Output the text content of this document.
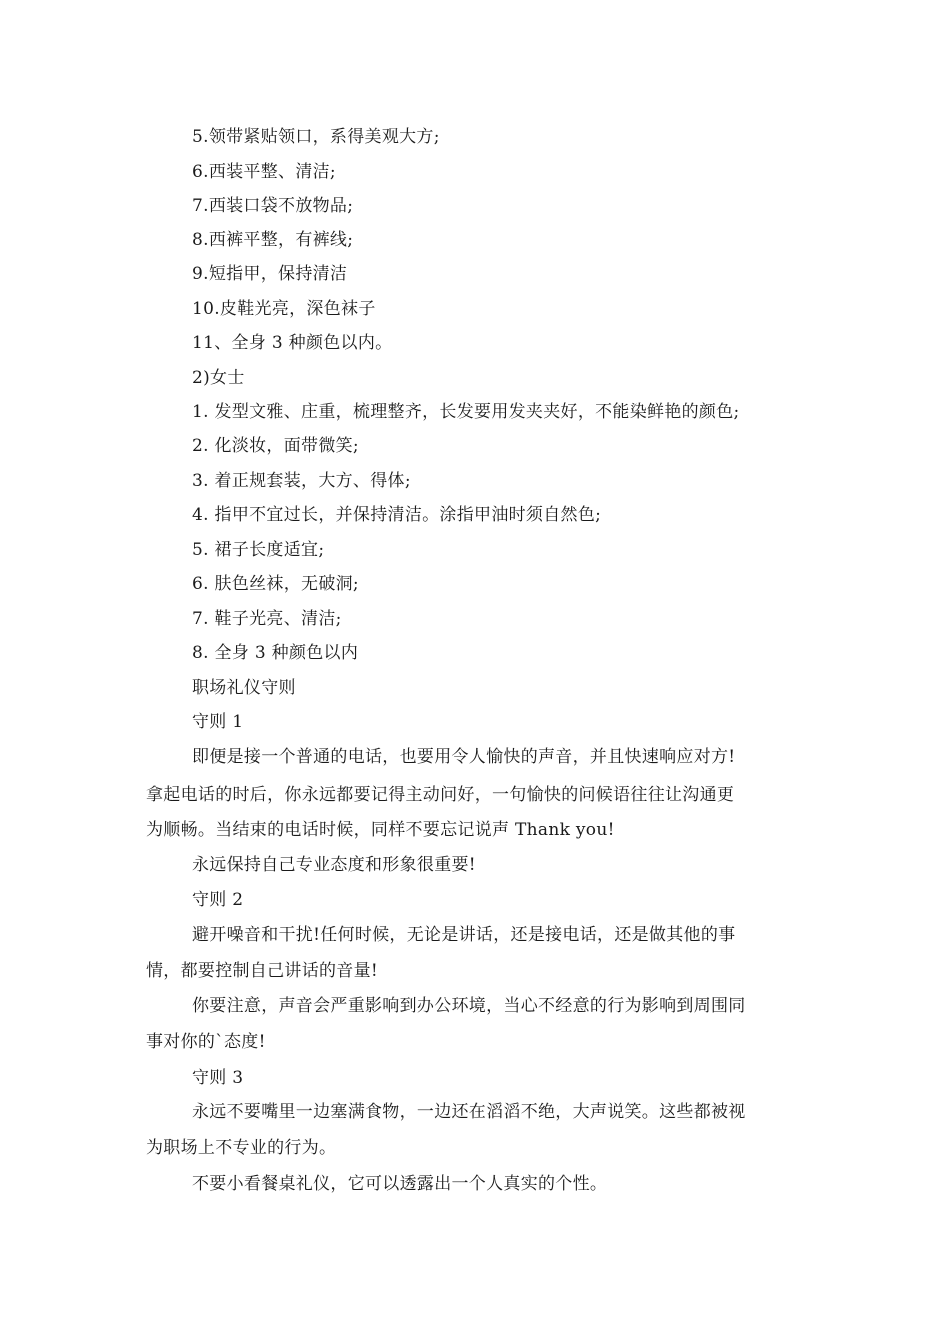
5.领带紧贴领口，系得美观大方;
6.西装平整、清洁;
7.西装口袋不放物品;
8.西裤平整，有裤线;
9.短指甲，保持清洁
10.皮鞋光亮，深色袜子
11、全身 3 种颜色以内。
2)女士
1. 发型文雅、庄重，梳理整齐，长发要用发夹夹好，不能染鲜艳的颜色;
2. 化淡妆，面带微笑;
3. 着正规套装，大方、得体;
4. 指甲不宜过长，并保持清洁。涂指甲油时须自然色;
5. 裙子长度适宜;
6. 肤色丝袜，无破洞;
7. 鞋子光亮、清洁;
8. 全身 3 种颜色以内
职场礼仪守则
守则 1
即便是接一个普通的电话，也要用令人愉快的声音，并且快速响应对方!
拿起电话的时后，你永远都要记得主动问好，一句愉快的问候语往往让沟通更
为顺畅。当结束的电话时候，同样不要忘记说声 Thank you!
永远保持自己专业态度和形象很重要!
守则 2
避开噪音和干扰!任何时候，无论是讲话，还是接电话，还是做其他的事
情，都要控制自己讲话的音量!
你要注意，声音会严重影响到办公环境，当心不经意的行为影响到周围同
事对你的`态度!
守则 3
永远不要嘴里一边塞满食物，一边还在滔滔不绝，大声说笑。这些都被视
为职场上不专业的行为。
不要小看餐桌礼仪，它可以透露出一个人真实的个性。
